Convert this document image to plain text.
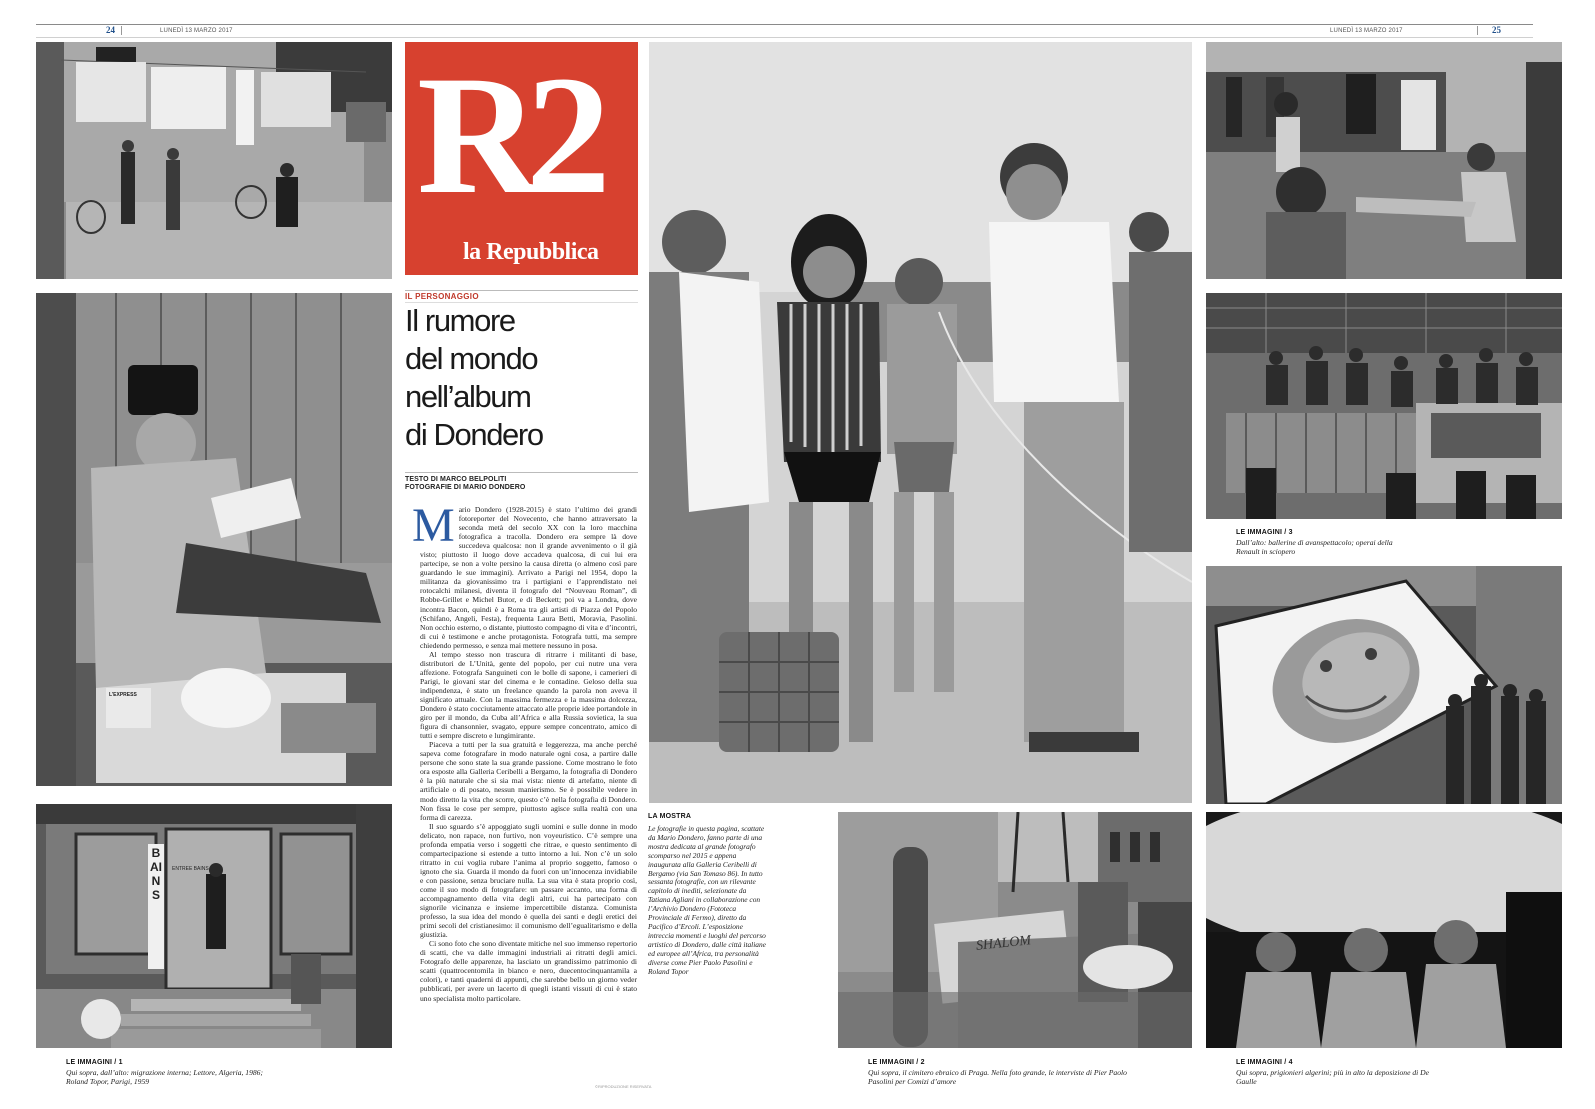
24	LUNEDÌ 13 MARZO 2017	LUNEDÌ 13 MARZO 2017	25
L’EXPRESS
BAINS
ENTREE BAINS
LE IMMAGINI / 1
Qui sopra, dall’alto: migrazione interna; Lettore, Algeria, 1986; Roland Topor, Parigi, 1959
R2
la Repubblica
IL PERSONAGGIO
Il rumore
del mondo
nell’album
di Dondero
TESTO DI MARCO BELPOLITI
FOTOGRAFIE DI MARIO DONDERO

Mario Dondero (1928-2015) è stato l’ultimo dei grandi fotoreporter del Novecento, che hanno attraversato la seconda metà del secolo XX con la loro macchina fotografica a tracolla. Dondero era sempre là dove succedeva qualcosa: non il grande avvenimento o il già visto; piuttosto il luogo dove accadeva qualcosa, di cui lui era partecipe, se non a volte persino la causa diretta (o almeno così pare guardando le sue immagini). Arrivato a Parigi nel 1954, dopo la militanza da giovanissimo tra i partigiani e l’apprendistato nei rotocalchi milanesi, diventa il fotografo del “Nouveau Roman”, di Robbe-Grillet e Michel Butor, e di Beckett; poi va a Londra, dove incontra Bacon, quindi è a Roma tra gli artisti di Piazza del Popolo (Schifano, Angeli, Festa), frequenta Laura Betti, Moravia, Pasolini. Non occhio esterno, o distante, piuttosto compagno di vita e d’incontri, di cui è testimone e anche protagonista. Fotografa tutti, ma sempre chiedendo permesso, e senza mai mettere nessuno in posa.

Al tempo stesso non trascura di ritrarre i militanti di base, distributori de L’Unità, gente del popolo, per cui nutre una vera affezione. Fotografa Sanguineti con le bolle di sapone, i camerieri di Parigi, le giovani star del cinema e le contadine. Geloso della sua indipendenza, è stato un freelance quando la parola non aveva il significato attuale. Con la massima fermezza e la massima dolcezza, Dondero è stato cocciutamente attaccato alle proprie idee portandole in giro per il mondo, da Cuba all’Africa e alla Russia sovietica, la sua figura di chansonnier, svagato, eppure sempre concentrato, amico di tutti e sempre discreto e lungimirante.

Piaceva a tutti per la sua gratuità e leggerezza, ma anche perché sapeva come fotografare in modo naturale ogni cosa, a partire dalle persone che sono state la sua grande passione. Come mostrano le foto ora esposte alla Galleria Ceribelli a Bergamo, la fotografia di Dondero è la più naturale che si sia mai vista: niente di artefatto, niente di artificiale o di posato, nessun manierismo. Se è possibile vedere in modo diretto la vita che scorre, questo c’è nella fotografia di Dondero. Non fissa le cose per sempre, piuttosto agisce sulla realtà con una forma di carezza.

Il suo sguardo s’è appoggiato sugli uomini e sulle donne in modo delicato, non rapace, non furtivo, non voyeuristico. C’è sempre una profonda empatia verso i soggetti che ritrae, e questo sentimento di compartecipazione si estende a tutto intorno a lui. Non c’è un solo ritratto in cui voglia rubare l’anima al proprio soggetto, famoso o ignoto che sia. Guarda il mondo da fuori con un’innocenza invidiabile e con passione, senza bruciare nulla. La sua vita è stata proprio così, come il suo modo di fotografare: un passare accanto, una forma di accompagnamento della vita degli altri, cui ha partecipato con signorile vicinanza e insieme impercettibile distanza. Comunista professo, la sua idea del mondo è quella dei santi e degli eretici dei primi secoli del cristianesimo: il comunismo dell’egualitarismo e della giustizia.

Ci sono foto che sono diventate mitiche nel suo immenso repertorio di scatti, che va dalle immagini industriali ai ritratti degli amici. Fotografo delle apparenze, ha lasciato un grandissimo patrimonio di scatti (quattrocentomila in bianco e nero, duecentocinquantamila a colori), e tanti quaderni di appunti, che sarebbe bello un giorno veder pubblicati, per avere un lacerto di quegli istanti vissuti di cui è stato uno specialista molto particolare.

©RIPRODUZIONE RISERVATA
LA MOSTRA
Le fotografie in questa pagina, scattate da Mario Dondero, fanno parte di una mostra dedicata al grande fotografo scomparso nel 2015 e appena inaugurata alla Galleria Ceribelli di Bergamo (via San Tomaso 86). In tutto sessanta fotografie, con un rilevante capitolo di inediti, selezionate da Tatiana Agliani in collaborazione con l’Archivio Dondero (Fototeca Provinciale di Fermo), diretto da Pacifico d’Ercoli. L’esposizione intreccia momenti e luoghi del percorso artistico di Dondero, dalle città italiane ed europee all’Africa, tra personalità diverse come Pier Paolo Pasolini e Roland Topor
SHALOM
LE IMMAGINI / 2
Qui sopra, il cimitero ebraico di Praga. Nella foto grande, le interviste di Pier Paolo Pasolini per Comizi d’amore
LE IMMAGINI / 3
Dall’alto: ballerine di avanspettacolo; operai della Renault in sciopero
LE IMMAGINI / 4
Qui sopra, prigionieri algerini; più in alto la deposizione di De Gaulle
